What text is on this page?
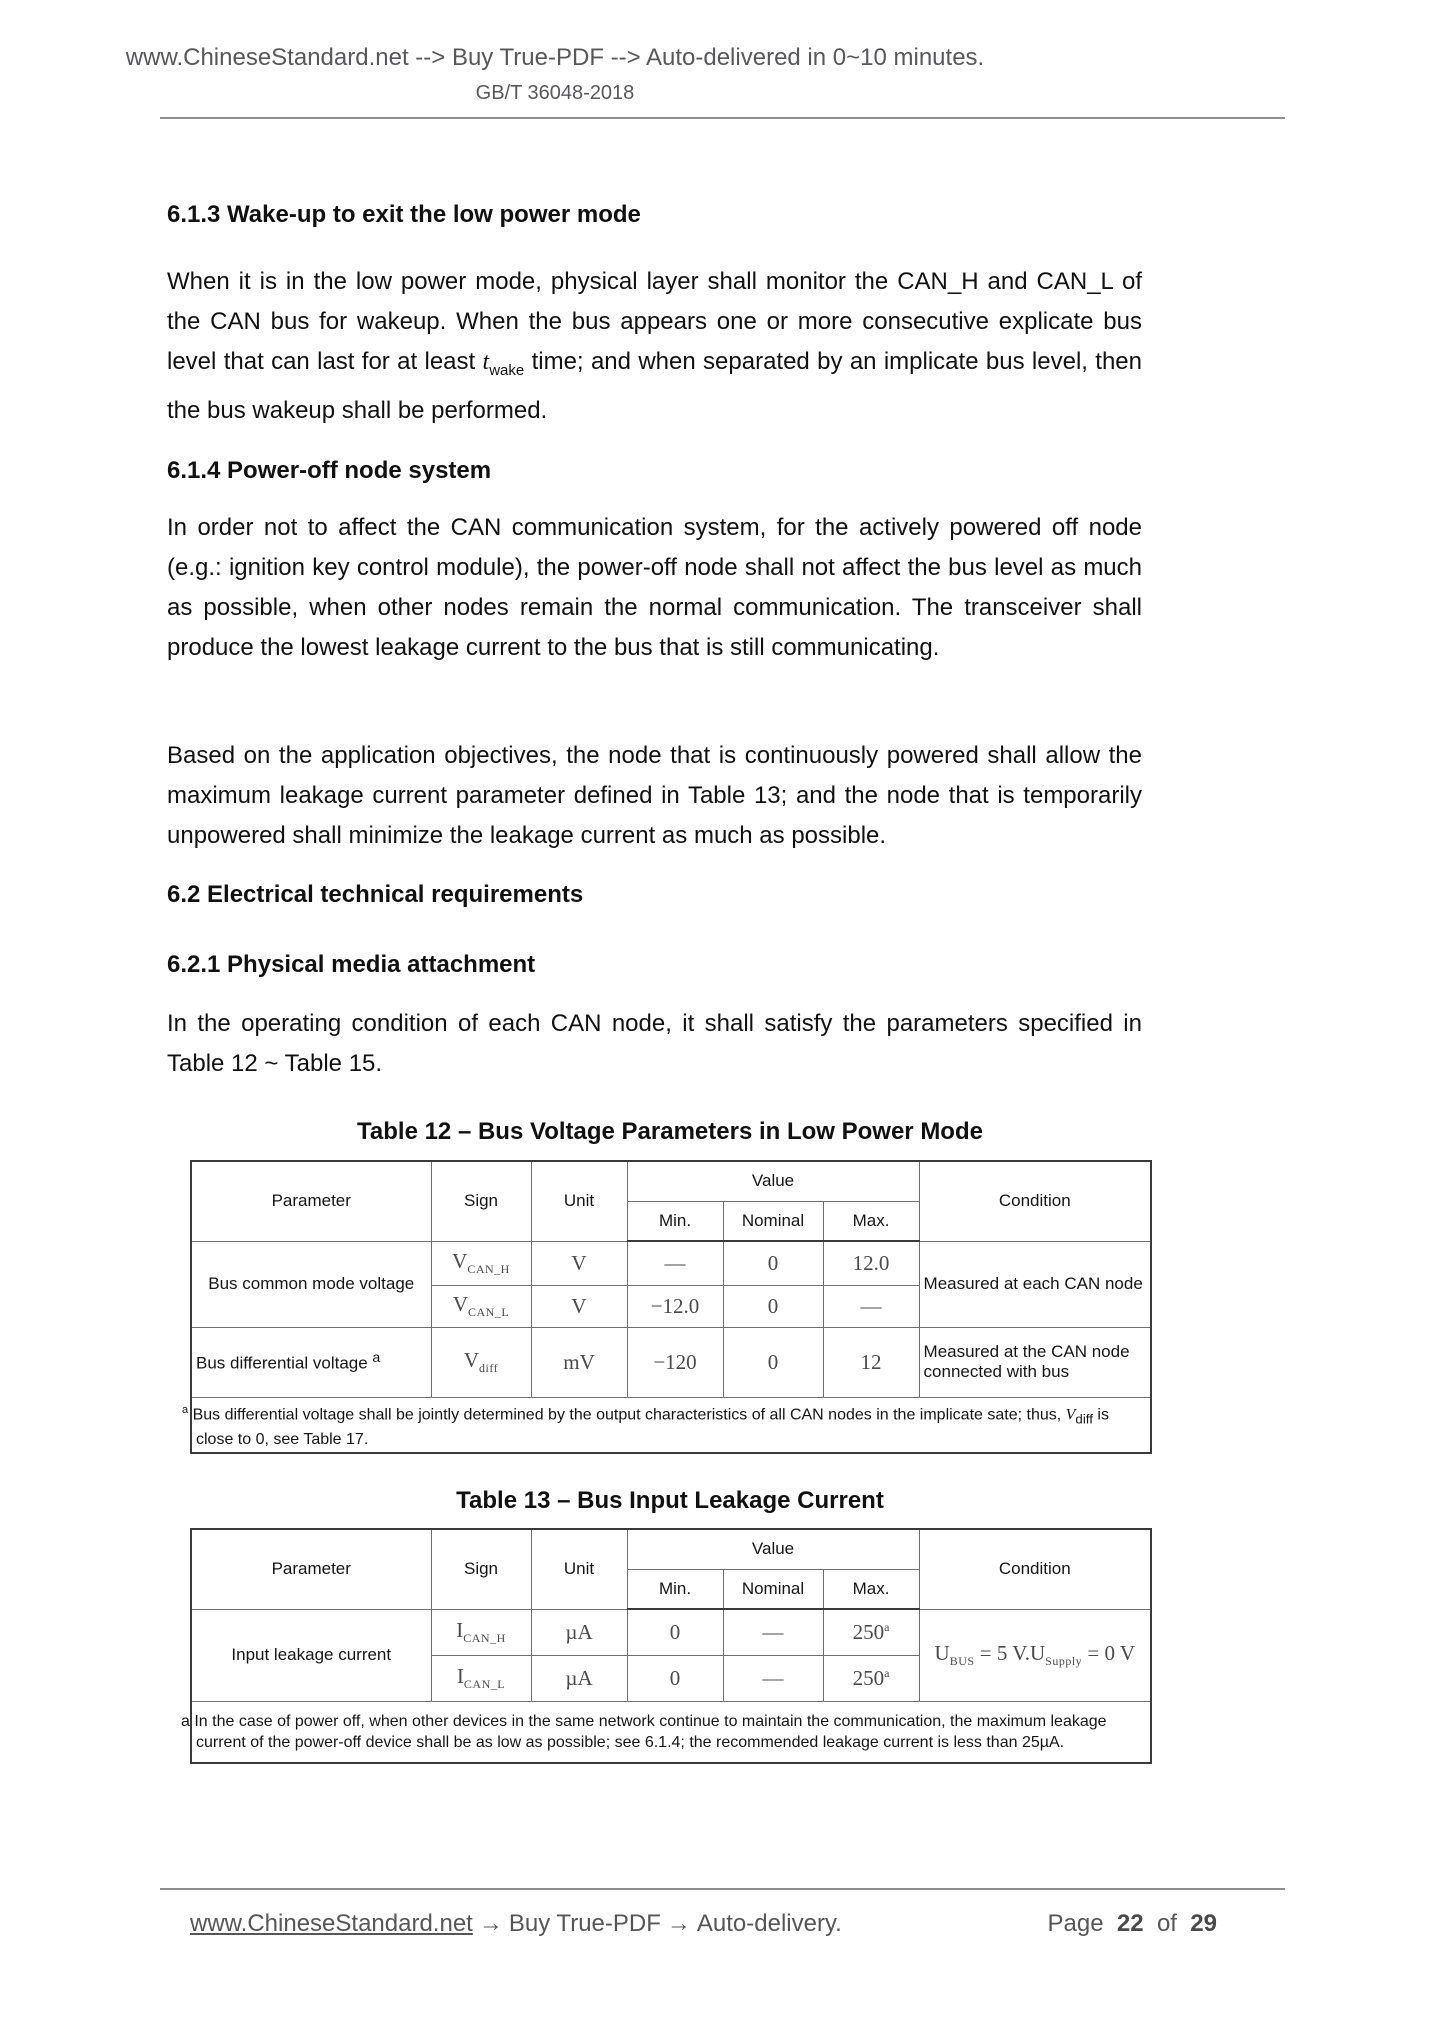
www.ChineseStandard.net --> Buy True-PDF --> Auto-delivered in 0~10 minutes.
GB/T 36048-2018
6.1.3 Wake-up to exit the low power mode

When it is in the low power mode, physical layer shall monitor the CAN_H and CAN_L of the CAN bus for wakeup. When the bus appears one or more consecutive explicate bus level that can last for at least $t_{wake}$ time; and when separated by an implicate bus level, then the bus wakeup shall be performed.

6.1.4 Power-off node system

In order not to affect the CAN communication system, for the actively powered off node (e.g.: ignition key control module), the power-off node shall not affect the bus level as much as possible, when other nodes remain the normal communication. The transceiver shall produce the lowest leakage current to the bus that is still communicating.

Based on the application objectives, the node that is continuously powered shall allow the maximum leakage current parameter defined in Table 13; and the node that is temporarily unpowered shall minimize the leakage current as much as possible.

6.2 Electrical technical requirements
6.2.1 Physical media attachment

In the operating condition of each CAN node, it shall satisfy the parameters specified in Table 12 ~ Table 15.

Table 12 – Bus Voltage Parameters in Low Power Mode
Parameter	Sign	Unit	Value			Condition
			Min.	Nominal	Max.	
Bus common mode voltage	$V_{CAN\_H}$	V	—	0	12.0	Measured at each CAN node
	$V_{CAN\_L}$	V	−12.0	0	—	
Bus differential voltage $^a$	$V_{diff}$	mV	−120	0	12	Measured at the CAN node connected with bus
$^a$ Bus differential voltage shall be jointly determined by the output characteristics of all CAN nodes in the implicate sate; thus, $V_{diff}$ is close to 0, see Table 17.						
Table 13 – Bus Input Leakage Current
Parameter	Sign	Unit	Value			Condition
			Min.	Nominal	Max.	
Input leakage current	$I_{CAN\_H}$	µA	0	—	250$^a$	$U_{BUS} = 5$ $V.U_{Supply} = 0$ V
	$I_{CAN\_L}$	µA	0	—	250$^a$
a In the case of power off, when other devices in the same network continue to maintain the communication, the maximum leakage current of the power-off device shall be as low as possible; see 6.1.4; the recommended leakage current is less than 25µA.						
www.ChineseStandard.net → Buy True-PDF → Auto-delivery.	Page 22 of 29
